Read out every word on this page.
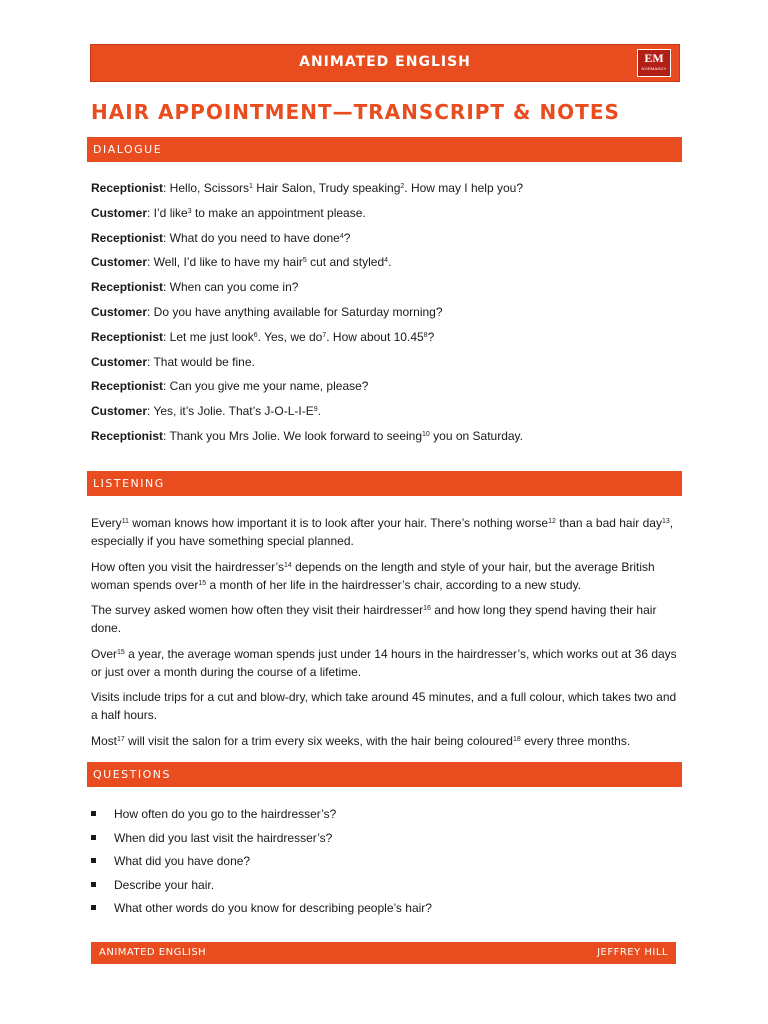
ANIMATED ENGLISH	EM
NORMANDY
HAIR APPOINTMENT—TRANSCRIPT & NOTES
DIALOGUE

Receptionist: Hello, Scissors$^1$ Hair Salon, Trudy speaking$^2$. How may I help you?

Customer: I’d like$^3$ to make an appointment please.

Receptionist: What do you need to have done$^4$?

Customer: Well, I’d like to have my hair$^5$ cut and styled$^4$.

Receptionist: When can you come in?

Customer: Do you have anything available for Saturday morning?

Receptionist: Let me just look$^6$. Yes, we $do^7$. How about 10.45$^8$?

Customer: That would be fine.

Receptionist: Can you give me your name, please?

Customer: Yes, it’s Jolie. That’s $J-O-L-I-E^9$.

Receptionist: Thank you Mrs Jolie. We look forward to seeing$^{10}$ you on Saturday.

LISTENING

Every$^{11}$ woman knows how important it is to look after your hair. There’s nothing worse$^{12}$ than a bad hair day$^{13}$, especially if you have something special planned.

How often you visit the $hairdresser’s^{14}$ depends on the length and style of your hair, but the average British woman spends over$^{15}$ a month of her life in the hairdresser’s chair, according to a new study.

The survey asked women how often they visit their hairdresser$^{16}$ and how long they spend having their hair done.

Over$^{15}$ a year, the average woman spends just under 14 hours in the hairdresser’s, which works out at 36 days or just over a month during the course of a lifetime.

Visits include trips for a cut and blow-dry, which take around 45 minutes, and a full colour, which takes two and a half hours.

Most$^{17}$ will visit the salon for a trim every six weeks, with the hair being coloured$^{18}$ every three months.

QUESTIONS
How often do you go to the hairdresser’s?
When did you last visit the hairdresser’s?
What did you have done?
Describe your hair.
What other words do you know for describing people’s hair?
ANIMATED ENGLISH	JEFFREY HILL
